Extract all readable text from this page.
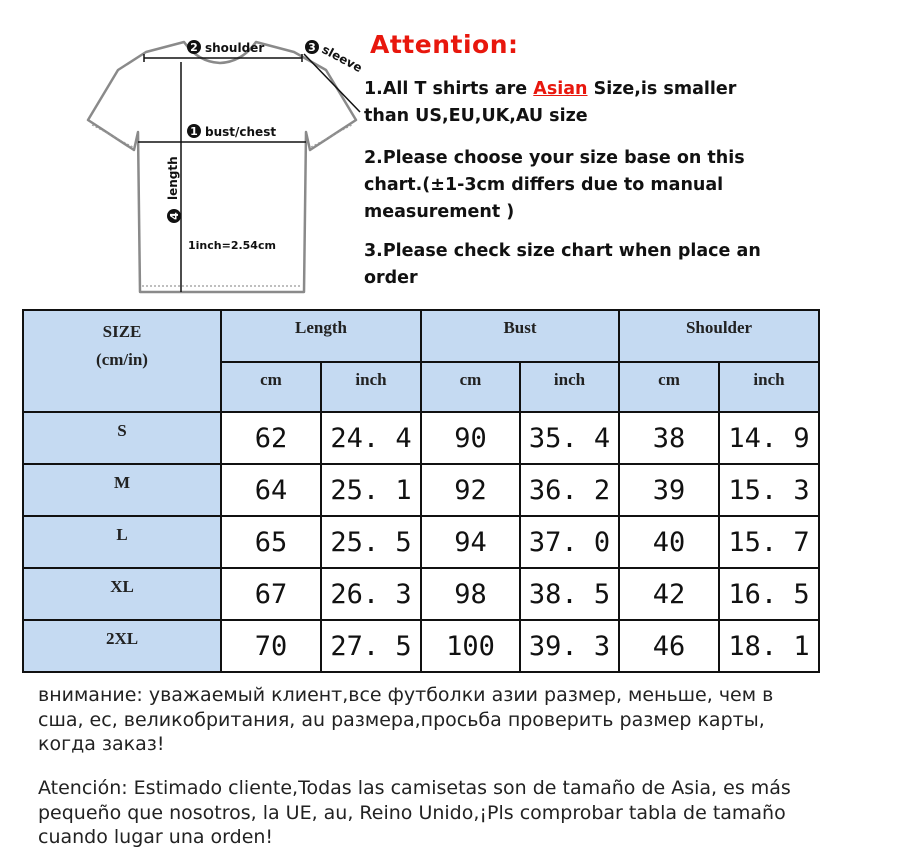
2 shoulder	3 sleeve
1 bust/chest
4
length
1inch=2.54cm
Attention:

1.All T shirts are Asian Size,is smaller than US,EU,UK,AU size

2.Please choose your size base on this chart.(±1-3cm differs due to manual measurement )

3.Please check size chart when place an order

SIZE
(cm/in)	Length		Bust		Shoulder	
	cm	inch	cm	inch	cm	inch
S	62	24. 4	90	35. 4	38	14. 9
M	64	25. 1	92	36. 2	39	15. 3
L	65	25. 5	94	37. 0	40	15. 7
XL	67	26. 3	98	38. 5	42	16. 5
2XL	70	27. 5	100	39. 3	46	18. 1

внимание: уважаемый клиент,все футболки азии размер, меньше, чем в сша, ес, великобритания, au размера,просьба проверить размер карты, когда заказ!

Atención: Estimado cliente,Todas las camisetas son de tamaño de Asia, es más pequeño que nosotros, la UE, au, Reino Unido,¡Pls comprobar tabla de tamaño cuando lugar una orden!
